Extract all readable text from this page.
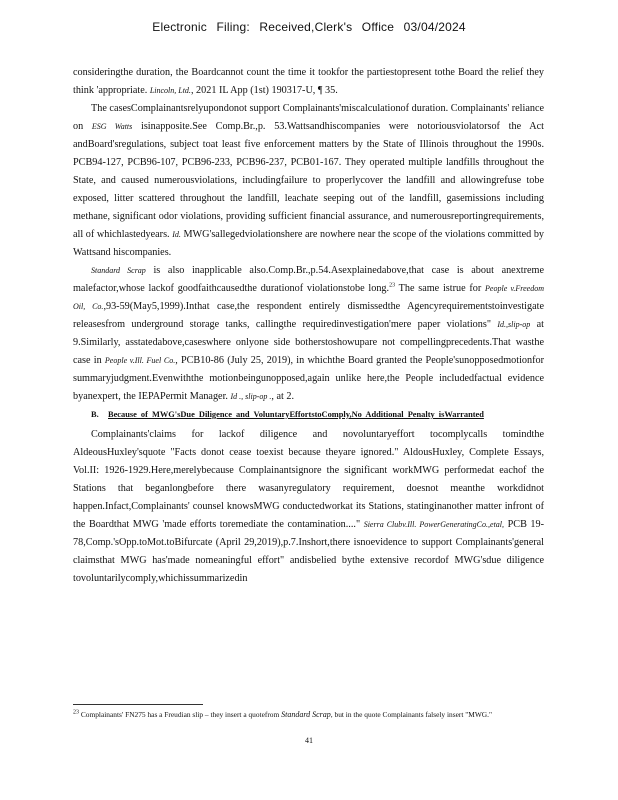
Electronic Filing: Received,Clerk's Office 03/04/2024

consideringthe duration, the Boardcannot count the time it tookfor the partiestopresent tothe Board the relief they think 'appropriate. Lincoln, Ltd., 2021 IL App (1st) 190317-U, ¶ 35.

The casesComplainantsrelyupondonot support Complainants'miscalculationof duration. Complainants' reliance on ESG Watts isinapposite.See Comp.Br.,p. 53.Wattsandhiscompanies were notoriousviolatorsof the Act andBoard'sregulations, subject toat least five enforcement matters by the State of Illinois throughout the 1990s. PCB94-127, PCB96-107, PCB96-233, PCB96-237, PCB01-167. They operated multiple landfills throughout the State, and caused numerousviolations, includingfailure to properlycover the landfill and allowingrefuse tobe exposed, litter scattered throughout the landfill, leachate seeping out of the landfill, gasemissions including methane, significant odor violations, providing sufficient financial assurance, and numerousreportingrequirements, all of whichlastedyears. Id. MWG'sallegedviolationshere are nowhere near the scope of the violations committed by Wattsand hiscompanies.

Standard Scrap is also inapplicable also.Comp.Br.,p.54.Asexplainedabove,that case is about anextreme malefactor,whose lackof goodfaithcausedthe durationof violationstobe long.$^{23}$ The same istrue for People v.Freedom Oil, Co.,93-59(May5,1999).Inthat case,the respondent entirely dismissedthe Agencyrequirementstoinvestigate releasesfrom underground storage tanks, callingthe requiredinvestigation'mere paper violations" Id.,slip-op at 9.Similarly, asstatedabove,caseswhere onlyone side botherstoshowupare not compellingprecedents.That wasthe case in People v.Ill. Fuel Co., PCB10-86 (July 25, 2019), in whichthe Board granted the People'sunopposedmotionfor summaryjudgment.Evenwiththe motionbeingunopposed,again unlike here,the People includedfactual evidence byanexpert, the IEPAPermit Manager. Id ., slip-op ., at 2.

B.	Because of MWG'sDue Diligence and VoluntaryEffortstoComply,No Additional Penalty isWarranted

Complainants'claims for lackof diligence and novoluntaryeffort tocomplycalls tomindthe AldeousHuxley'squote "Facts donot cease toexist because theyare ignored." AldousHuxley, Complete Essays, Vol.II: 1926-1929.Here,merelybecause Complainantsignore the significant workMWG performedat eachof the Stations that beganlongbefore there wasanyregulatory requirement, doesnot meanthe workdidnot happen.Infact,Complainants' counsel knowsMWG conductedworkat its Stations, statinginanother matter infront of the Boardthat MWG 'made efforts toremediate the contamination...." Sierra Clubv.Ill. PowerGeneratingCo.,etal, PCB 19-78,Comp.'sOpp.toMot.toBifurcate (April 29,2019),p.7.Inshort,there isnoevidence to support Complainants'general claimsthat MWG has'made nomeaningful effort" andisbelied bythe extensive recordof MWG'sdue diligence tovoluntarilycomply,whichissummarizedin

$^{23}$ Complainants' FN275 has a Freudian slip – they insert a quotefrom Standard Scrap, but in the quote Complainants falsely insert "MWG."

41
